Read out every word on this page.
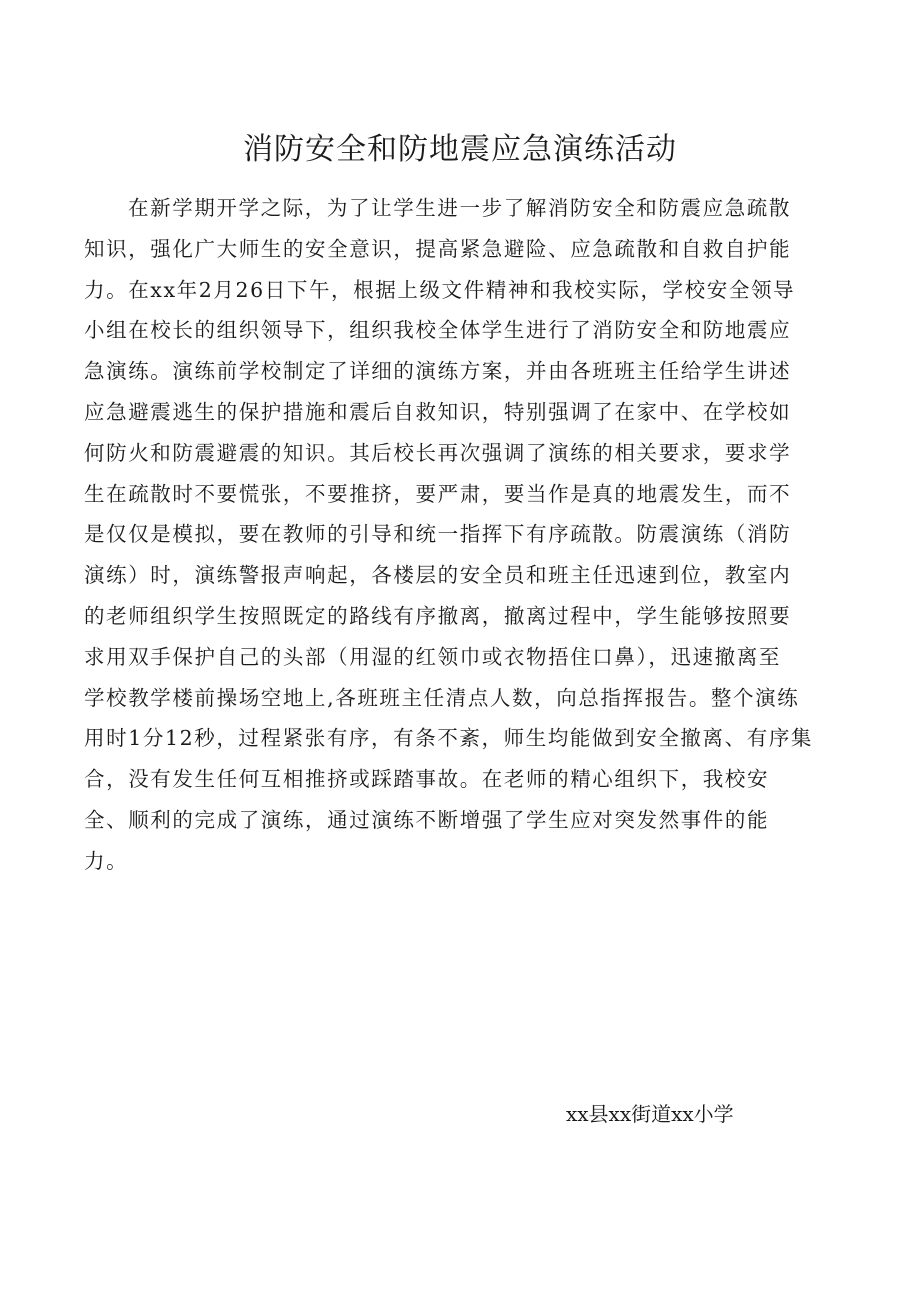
消防安全和防地震应急演练活动
在新学期开学之际，为了让学生进一步了解消防安全和防震应急疏散
知识，强化广大师生的安全意识，提高紧急避险、应急疏散和自救自护能
力。在xx年2月26日下午，根据上级文件精神和我校实际，学校安全领导
小组在校长的组织领导下，组织我校全体学生进行了消防安全和防地震应
急演练。演练前学校制定了详细的演练方案，并由各班班主任给学生讲述
应急避震逃生的保护措施和震后自救知识，特别强调了在家中、在学校如
何防火和防震避震的知识。其后校长再次强调了演练的相关要求，要求学
生在疏散时不要慌张，不要推挤，要严肃，要当作是真的地震发生，而不
是仅仅是模拟，要在教师的引导和统一指挥下有序疏散。防震演练（消防
演练）时，演练警报声响起，各楼层的安全员和班主任迅速到位，教室内
的老师组织学生按照既定的路线有序撤离，撤离过程中，学生能够按照要
求用双手保护自己的头部（用湿的红领巾或衣物捂住口鼻），迅速撤离至
学校教学楼前操场空地上,各班班主任清点人数，向总指挥报告。整个演练
用时1分12秒，过程紧张有序，有条不紊，师生均能做到安全撤离、有序集
合，没有发生任何互相推挤或踩踏事故。在老师的精心组织下，我校安
全、顺利的完成了演练，通过演练不断增强了学生应对突发然事件的能
力。

xx县xx街道xx小学
